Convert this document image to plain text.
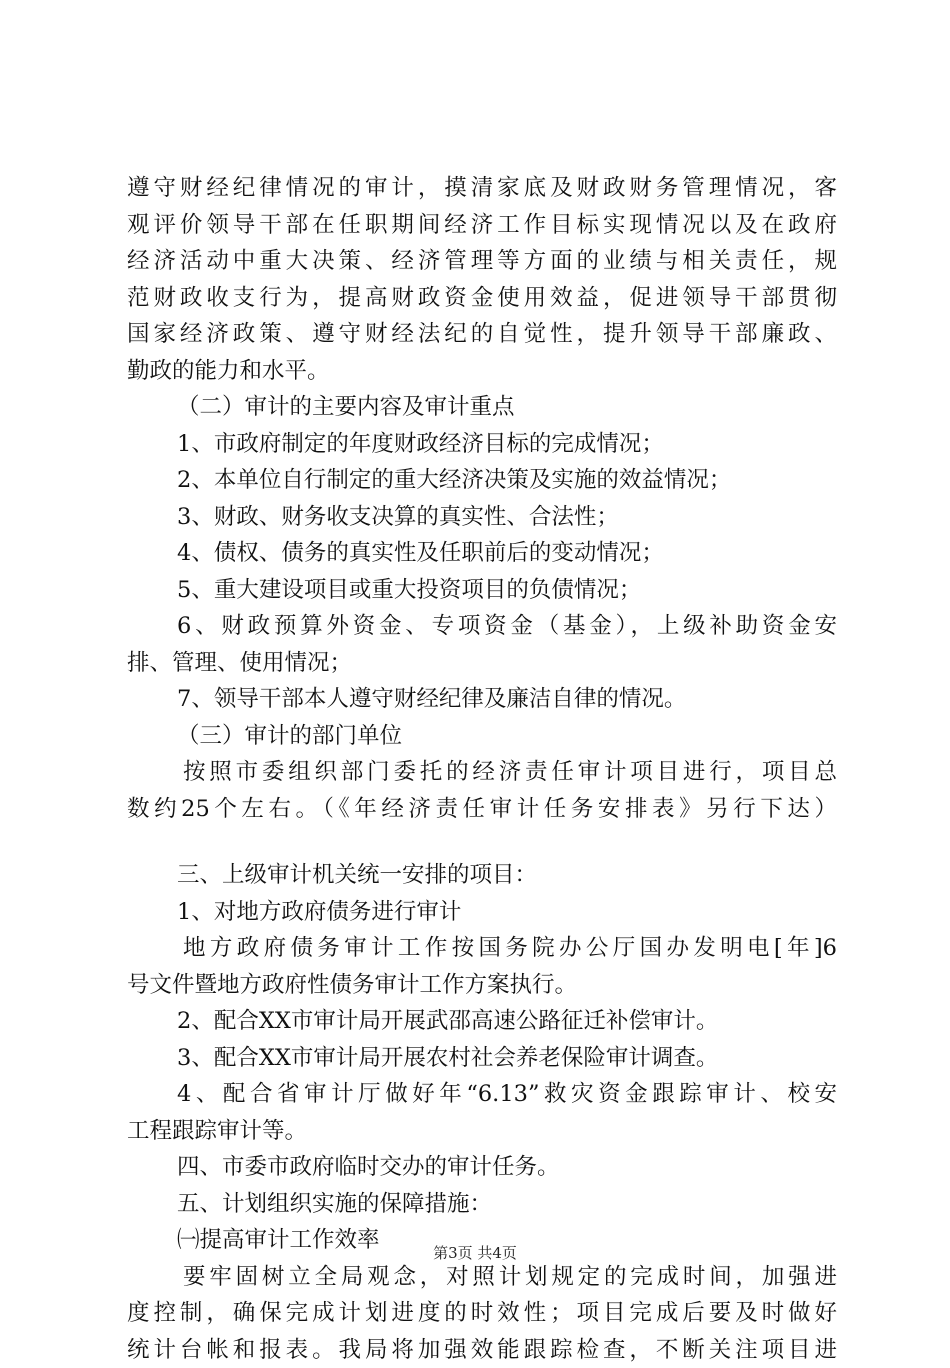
遵守财经纪律情况的审计，摸清家底及财政财务管理情况，客
观评价领导干部在任职期间经济工作目标实现情况以及在政府
经济活动中重大决策、经济管理等方面的业绩与相关责任，规
范财政收支行为，提高财政资金使用效益，促进领导干部贯彻
国家经济政策、遵守财经法纪的自觉性，提升领导干部廉政、
勤政的能力和水平。
（二）审计的主要内容及审计重点
1、市政府制定的年度财政经济目标的完成情况；
2、本单位自行制定的重大经济决策及实施的效益情况；
3、财政、财务收支决算的真实性、合法性；
4、债权、债务的真实性及任职前后的变动情况；
5、重大建设项目或重大投资项目的负债情况；
6、财政预算外资金、专项资金（基金），上级补助资金安
排、管理、使用情况；
7、领导干部本人遵守财经纪律及廉洁自律的情况。
（三）审计的部门单位
按照市委组织部门委托的经济责任审计项目进行，项目总
数约25个左右。（《年经济责任审计任务安排表》另行下达）
三、上级审计机关统一安排的项目：
1、对地方政府债务进行审计
地方政府债务审计工作按国务院办公厅国办发明电[年]6
号文件暨地方政府性债务审计工作方案执行。
2、配合XX市审计局开展武邵高速公路征迁补偿审计。
3、配合XX市审计局开展农村社会养老保险审计调查。
4、配合省审计厅做好年“6.13”救灾资金跟踪审计、校安
工程跟踪审计等。
四、市委市政府临时交办的审计任务。
五、计划组织实施的保障措施：
㈠提高审计工作效率
要牢固树立全局观念，对照计划规定的完成时间，加强进
度控制，确保完成计划进度的时效性；项目完成后要及时做好
统计台帐和报表。我局将加强效能跟踪检查，不断关注项目进
第3页 共4页
